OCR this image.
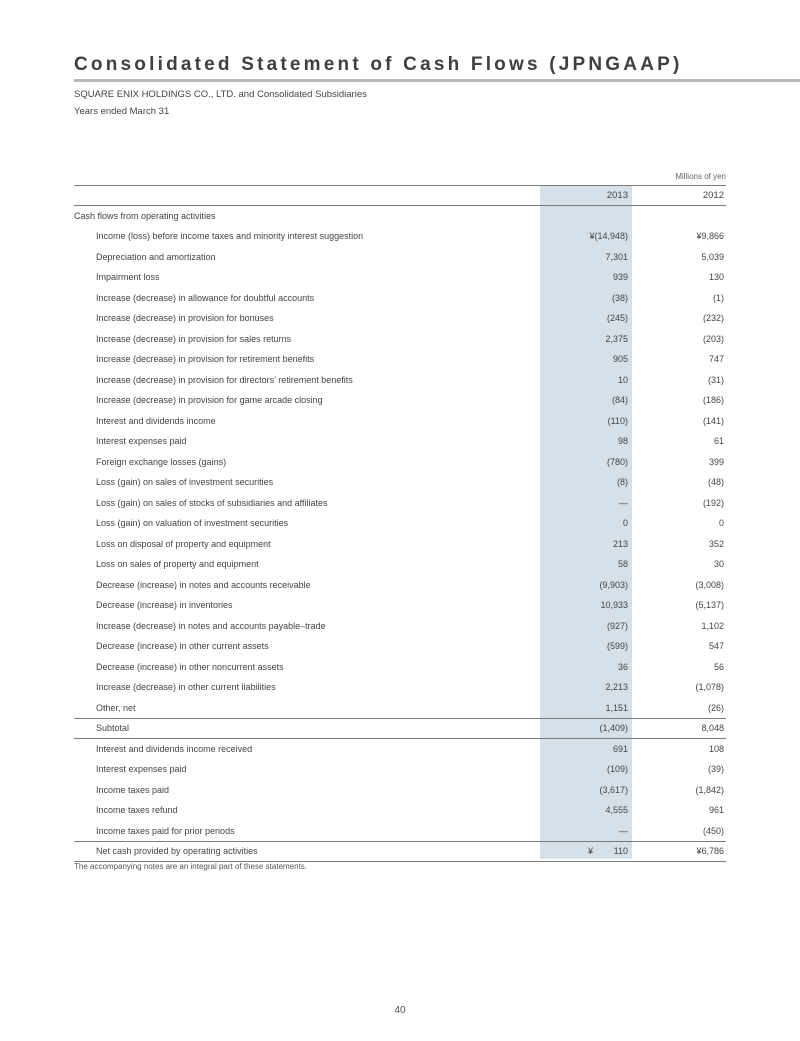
Consolidated Statement of Cash Flows (JPNGAAP)
SQUARE ENIX HOLDINGS CO., LTD. and Consolidated Subsidiaries
Years ended March 31
Millions of yen
	2013	2012
Cash flows from operating activities		
Income (loss) before income taxes and minority interest suggestion	¥(14,948)	¥9,866
Depreciation and amortization	7,301	5,039
Impairment loss	939	130
Increase (decrease) in allowance for doubtful accounts	(38)	(1)
Increase (decrease) in provision for bonuses	(245)	(232)
Increase (decrease) in provision for sales returns	2,375	(203)
Increase (decrease) in provision for retirement benefits	905	747
Increase (decrease) in provision for directors’ retirement benefits	10	(31)
Increase (decrease) in provision for game arcade closing	(84)	(186)
Interest and dividends income	(110)	(141)
Interest expenses paid	98	61
Foreign exchange losses (gains)	(780)	399
Loss (gain) on sales of investment securities	(8)	(48)
Loss (gain) on sales of stocks of subsidiaries and affiliates	—	(192)
Loss (gain) on valuation of investment securities	0	0
Loss on disposal of property and equipment	213	352
Loss on sales of property and equipment	58	30
Decrease (increase) in notes and accounts receivable	(9,903)	(3,008)
Decrease (increase) in inventories	10,933	(5,137)
Increase (decrease) in notes and accounts payable–trade	(927)	1,102
Decrease (increase) in other current assets	(599)	547
Decrease (increase) in other noncurrent assets	36	56
Increase (decrease) in other current liabilities	2,213	(1,078)
Other, net	1,151	(26)
Subtotal	(1,409)	8,048
Interest and dividends income received	691	108
Interest expenses paid	(109)	(39)
Income taxes paid	(3,617)	(1,842)
Income taxes refund	4,555	961
Income taxes paid for prior periods	—	(450)
Net cash provided by operating activities	¥ 110	¥6,786
The accompanying notes are an integral part of these statements.
40
